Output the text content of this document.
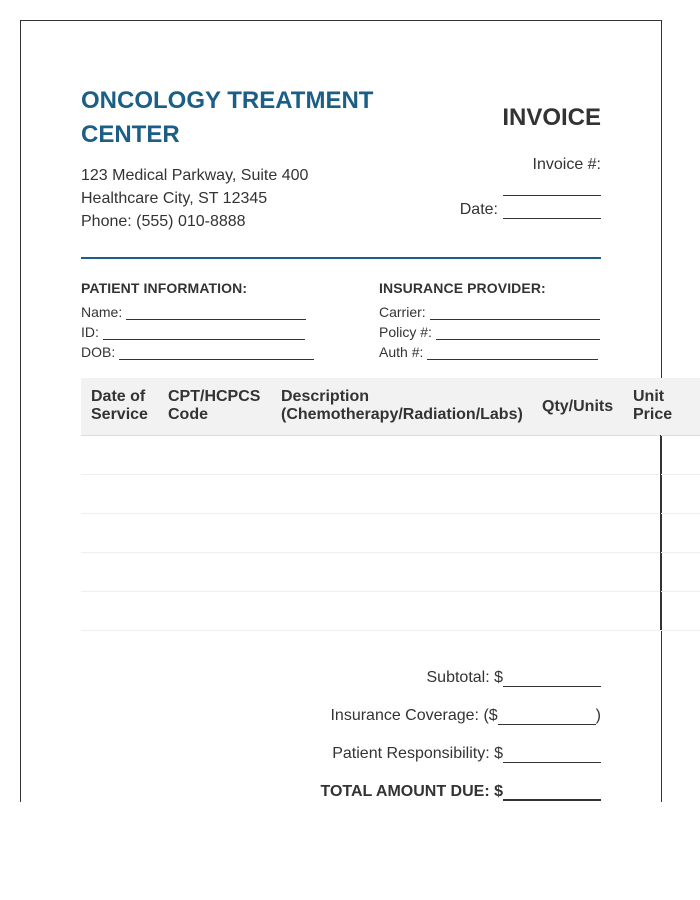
ONCOLOGY TREATMENT CENTER
123 Medical Parkway, Suite 400
Healthcare City, ST 12345
Phone: (555) 010-8888
INVOICE
Invoice #:
Date:
PATIENT INFORMATION:
Name:
ID:
DOB:
INSURANCE PROVIDER:
Carrier:
Policy #:
Auth #:
Date of Service
CPT/HCPCS Code
Description (Chemotherapy/Radiation/Labs)	Qty/Units
Unit Price
Subtotal: $
Insurance Coverage: ($	)
Patient Responsibility: $
TOTAL AMOUNT DUE: $
